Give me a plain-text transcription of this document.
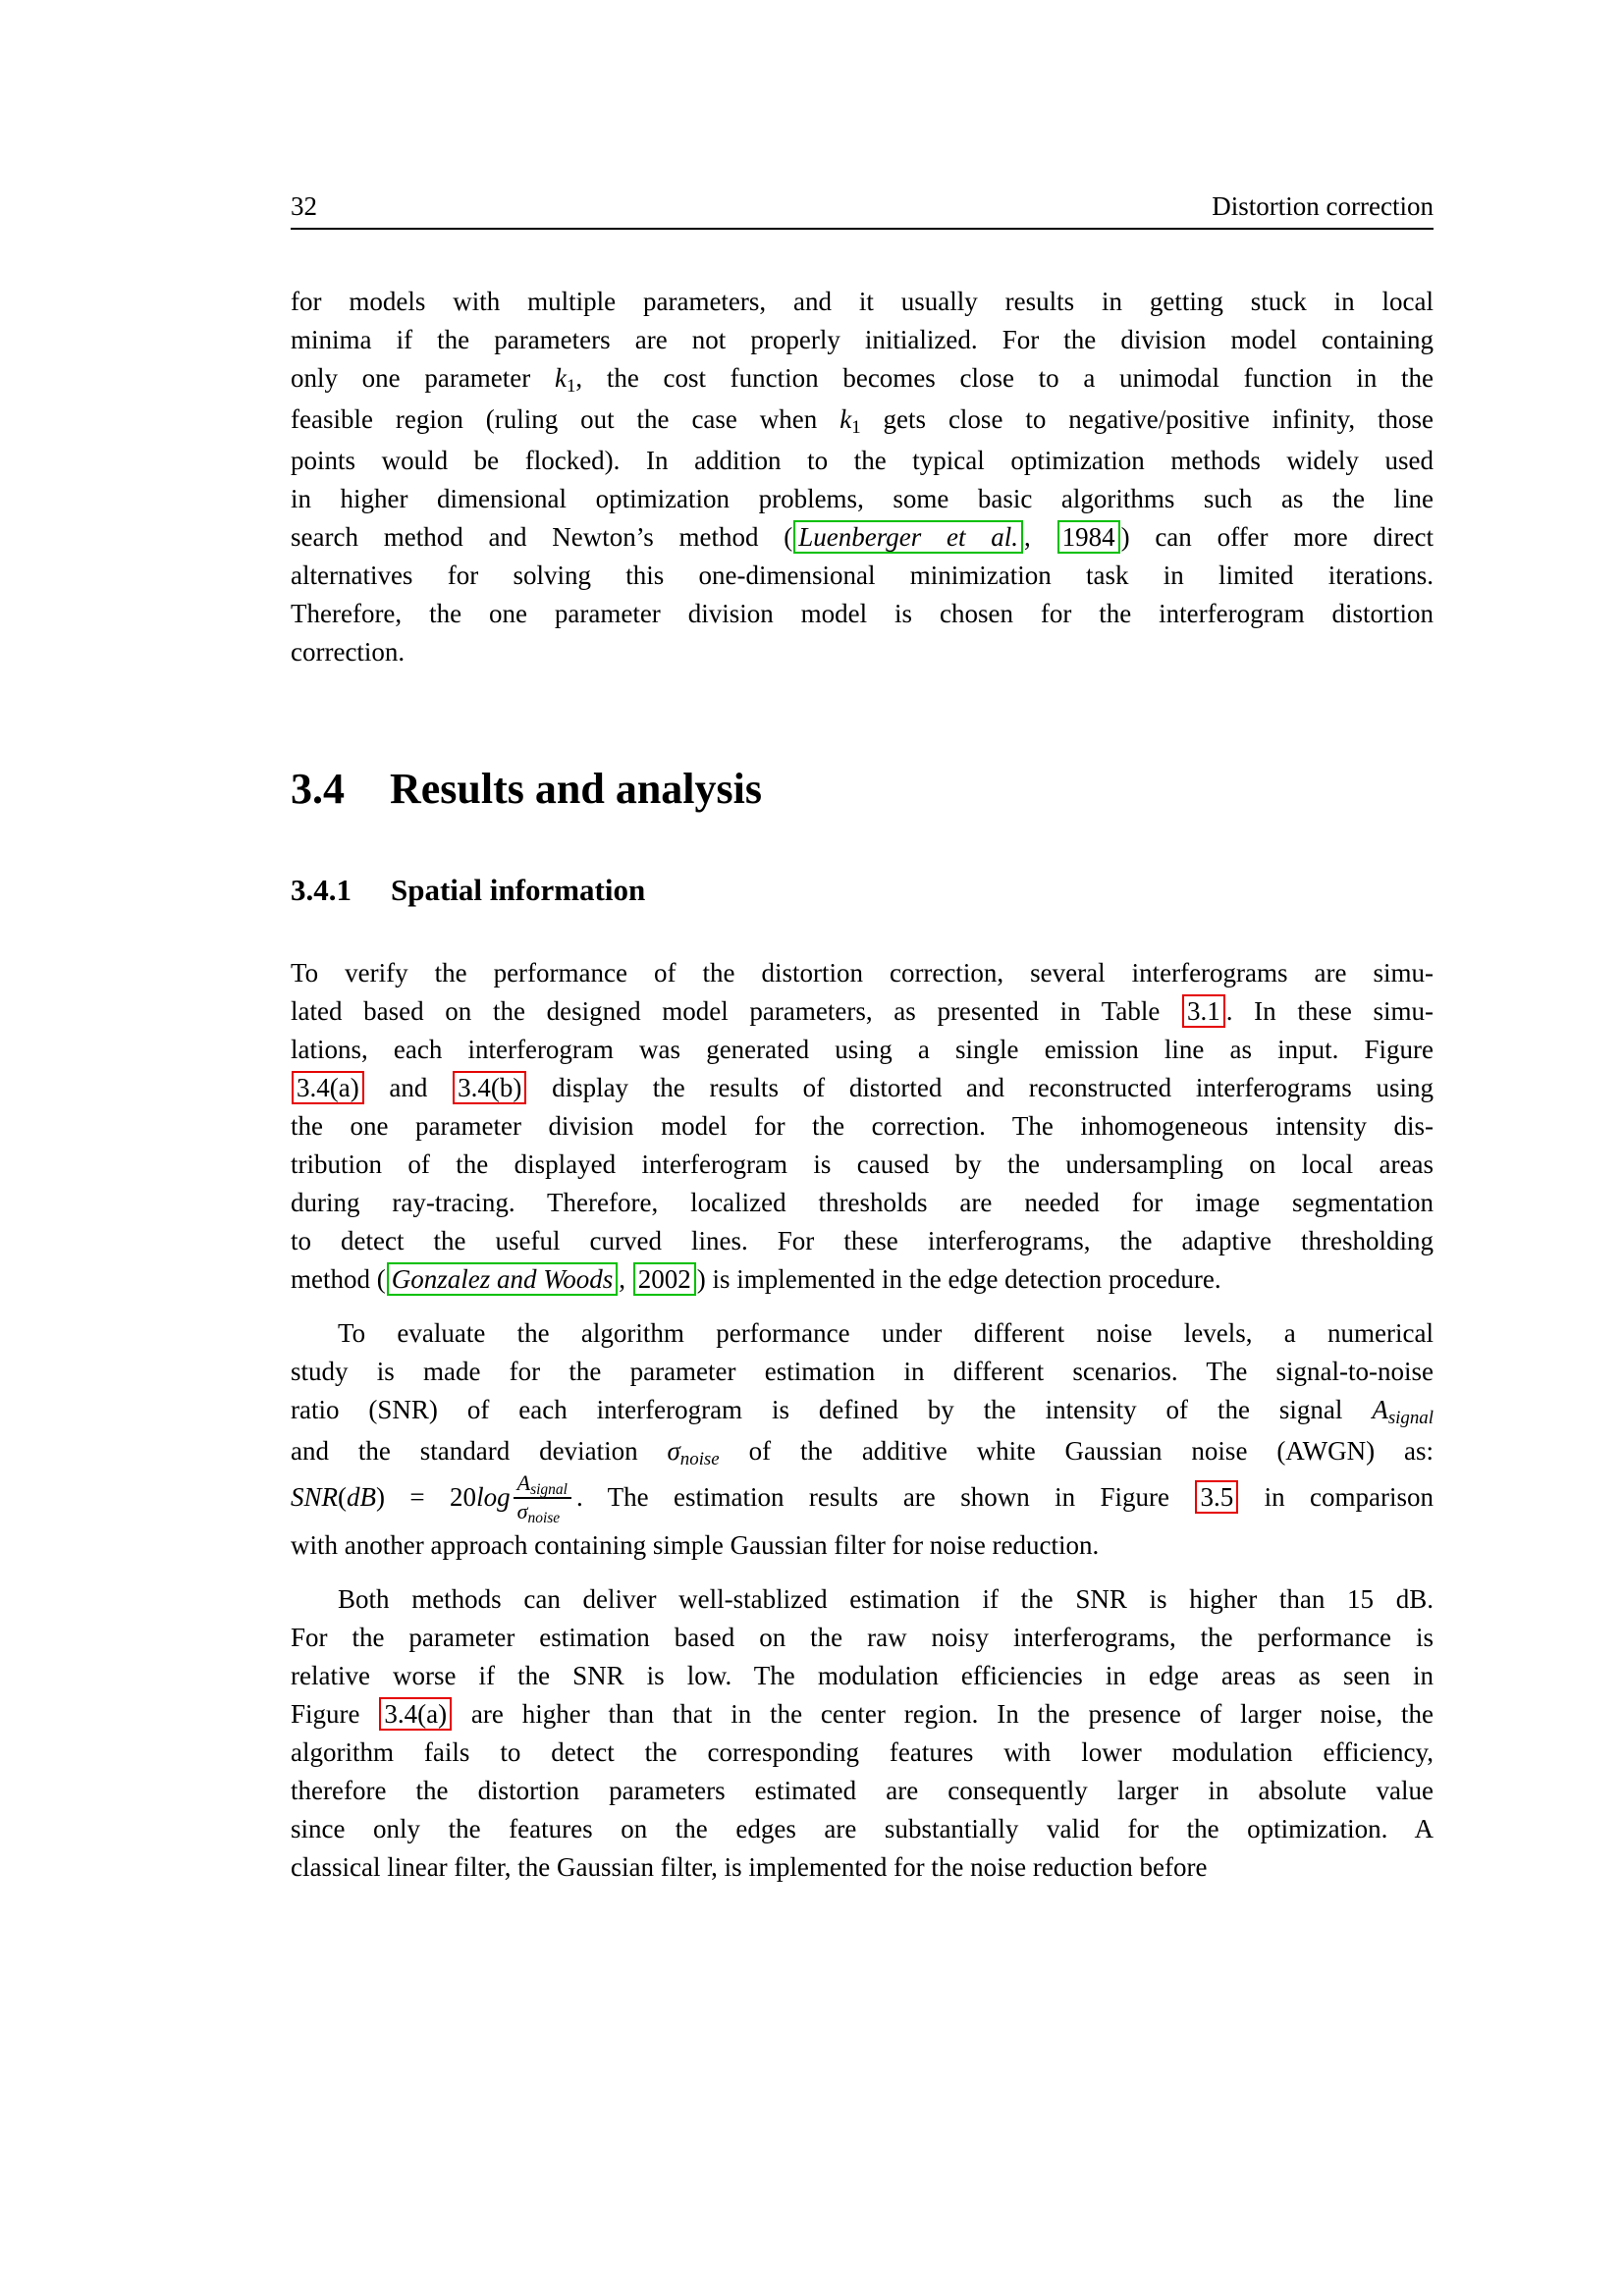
32	Distortion correction
for models with multiple parameters, and it usually results in getting stuck in local
minima if the parameters are not properly initialized. For the division model containing
only one parameter k1, the cost function becomes close to a unimodal function in the
feasible region (ruling out the case when k1 gets close to negative/positive infinity, those
points would be flocked). In addition to the typical optimization methods widely used
in higher dimensional optimization problems, some basic algorithms such as the line
search method and Newton’s method ( Luenberger et al. , 1984 ) can offer more direct
alternatives for solving this one-dimensional minimization task in limited iterations.
Therefore, the one parameter division model is chosen for the interferogram distortion
correction.
3.4 Results and analysis
3.4.1 Spatial information
To verify the performance of the distortion correction, several interferograms are simu-
lated based on the designed model parameters, as presented in Table 3.1 . In these simu-
lations, each interferogram was generated using a single emission line as input. Figure
3.4(a) and 3.4(b) display the results of distorted and reconstructed interferograms using
the one parameter division model for the correction. The inhomogeneous intensity dis-
tribution of the displayed interferogram is caused by the undersampling on local areas
during ray-tracing. Therefore, localized thresholds are needed for image segmentation
to detect the useful curved lines. For these interferograms, the adaptive thresholding
method ( Gonzalez and Woods , 2002 ) is implemented in the edge detection procedure.
To evaluate the algorithm performance under different noise levels, a numerical
study is made for the parameter estimation in different scenarios. The signal-to-noise
ratio (SNR) of each interferogram is defined by the intensity of the signal Asignal
and the standard deviation σnoise of the additive white Gaussian noise (AWGN) as:
$SNR(dB) = 20\log \frac{\text{Asignal}}{\text{σnoise}}$ . The estimation results are shown in Figure 3.5 in comparison
with another approach containing simple Gaussian filter for noise reduction.
Both methods can deliver well-stablized estimation if the SNR is higher than 15 dB.
For the parameter estimation based on the raw noisy interferograms, the performance is
relative worse if the SNR is low. The modulation efficiencies in edge areas as seen in
Figure 3.4(a) are higher than that in the center region. In the presence of larger noise, the
algorithm fails to detect the corresponding features with lower modulation efficiency,
therefore the distortion parameters estimated are consequently larger in absolute value
since only the features on the edges are substantially valid for the optimization. A
classical linear filter, the Gaussian filter, is implemented for the noise reduction before
